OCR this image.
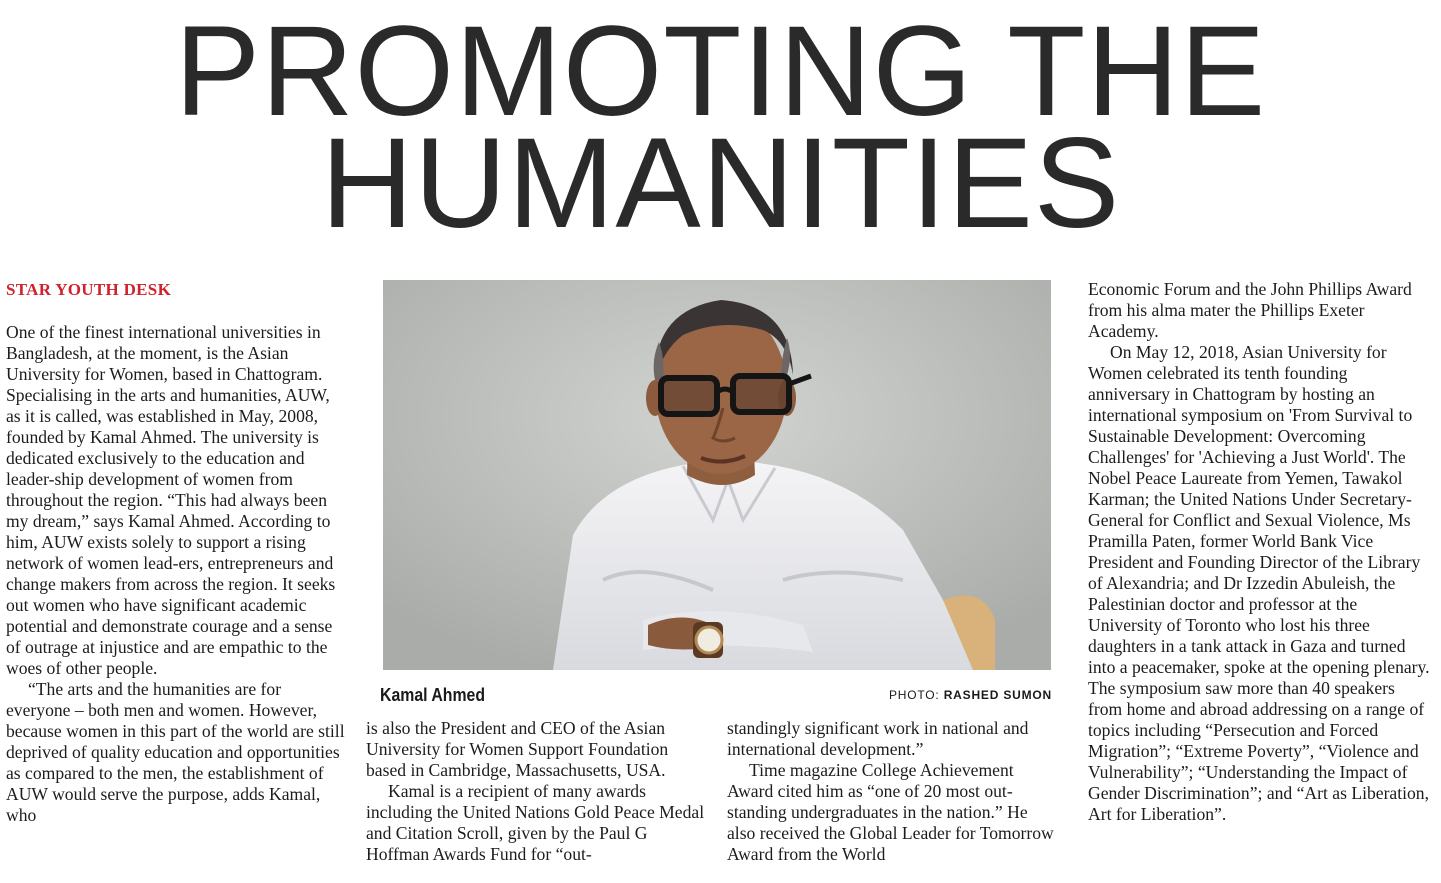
PROMOTING THE
HUMANITIES
STAR YOUTH DESK

One of the finest international universities in Bangladesh, at the moment, is the Asian University for Women, based in Chattogram. Specialising in the arts and humanities, AUW, as it is called, was established in May, 2008, founded by Kamal Ahmed. The university is dedicated exclusively to the education and leader-ship development of women from throughout the region. “This had always been my dream,” says Kamal Ahmed. According to him, AUW exists solely to support a rising network of women lead-ers, entrepreneurs and change makers from across the region. It seeks out women who have significant academic potential and demonstrate courage and a sense of outrage at injustice and are empathic to the woes of other people.

“The arts and the humanities are for everyone – both men and women. However, because women in this part of the world are still deprived of quality education and opportunities as compared to the men, the establishment of AUW would serve the purpose, adds Kamal, who

Kamal Ahmed	PHOTO: RASHED SUMON

is also the President and CEO of the Asian University for Women Support Foundation based in Cambridge, Massachusetts, USA.

Kamal is a recipient of many awards including the United Nations Gold Peace Medal and Citation Scroll, given by the Paul G Hoffman Awards Fund for “out-

standingly significant work in national and international development.”

Time magazine College Achievement Award cited him as “one of 20 most out-standing undergraduates in the nation.” He also received the Global Leader for Tomorrow Award from the World

Economic Forum and the John Phillips Award from his alma mater the Phillips Exeter Academy.

On May 12, 2018, Asian University for Women celebrated its tenth founding anniversary in Chattogram by hosting an international symposium on 'From Survival to Sustainable Development: Overcoming Challenges' for 'Achieving a Just World'. The Nobel Peace Laureate from Yemen, Tawakol Karman; the United Nations Under Secretary-General for Conflict and Sexual Violence, Ms Pramilla Paten, former World Bank Vice President and Founding Director of the Library of Alexandria; and Dr Izzedin Abuleish, the Palestinian doctor and professor at the University of Toronto who lost his three daughters in a tank attack in Gaza and turned into a peacemaker, spoke at the opening plenary. The symposium saw more than 40 speakers from home and abroad addressing on a range of topics including “Persecution and Forced Migration”; “Extreme Poverty”, “Violence and Vulnerability”; “Understanding the Impact of Gender Discrimination”; and “Art as Liberation, Art for Liberation”.
